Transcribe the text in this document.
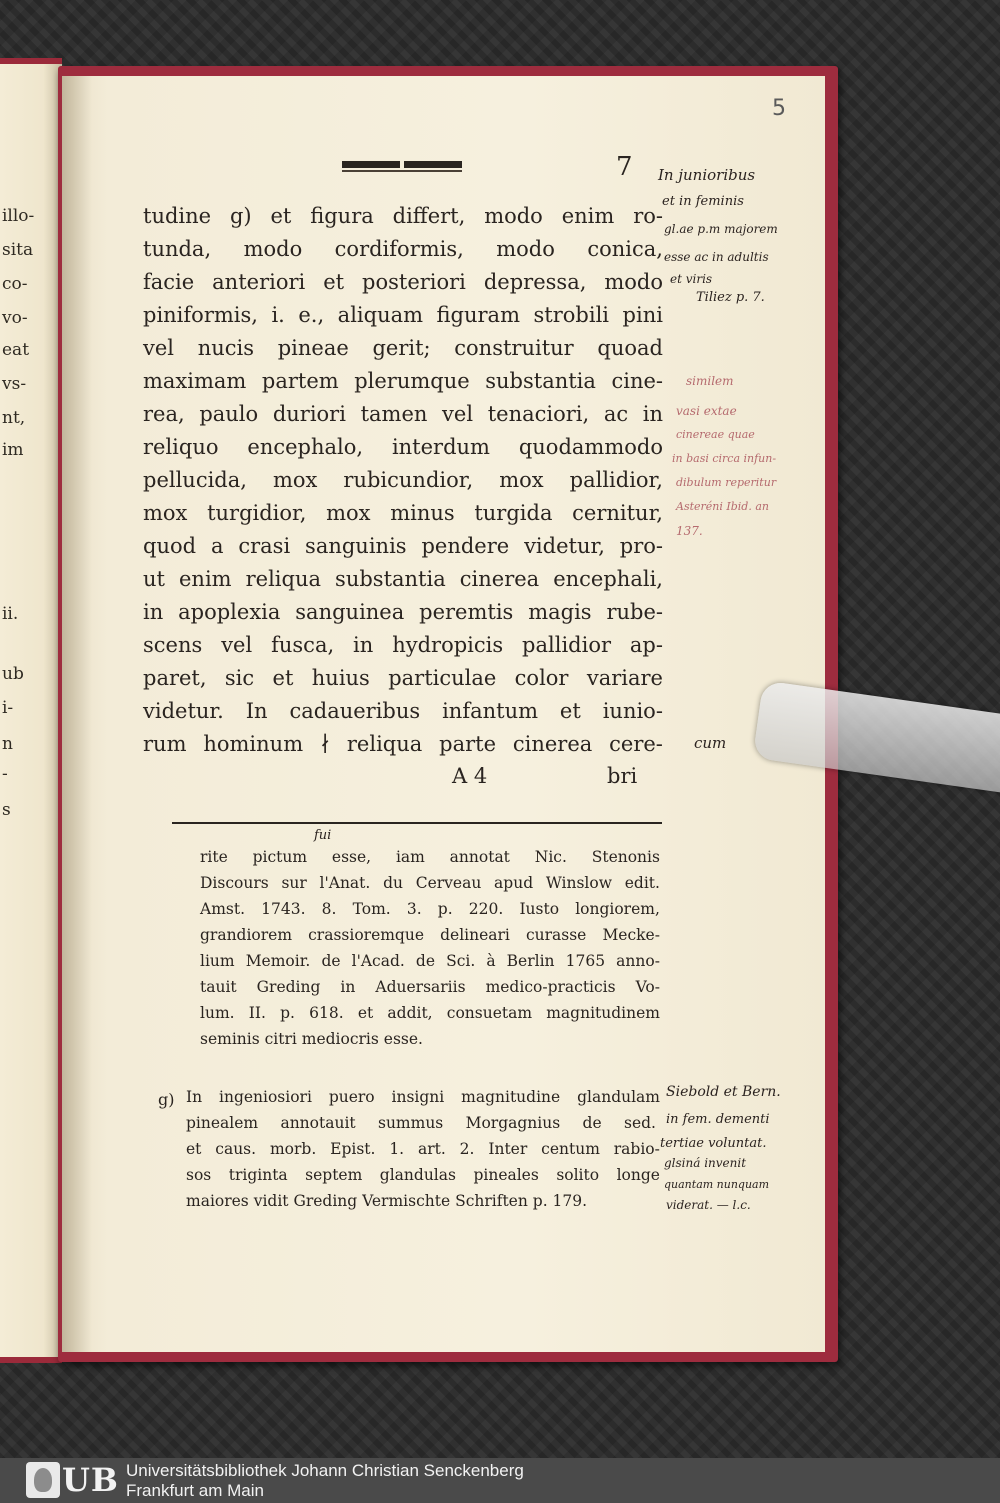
illo-
sita
co-
vo-
eat
vs-
nt,
im
ii.
ub
i-
n
-
s
5
7
tudine g) et figura differt, modo enim ro-
tunda, modo cordiformis, modo conica,
facie anteriori et posteriori depressa, modo
piniformis, i. e., aliquam figuram strobili pini
vel nucis pineae gerit; construitur quoad
maximam partem plerumque substantia cine-
rea, paulo duriori tamen vel tenaciori, ac in
reliquo encephalo, interdum quodammodo
pellucida, mox rubicundior, mox pallidior,
mox turgidior, mox minus turgida cernitur,
quod a crasi sanguinis pendere videtur, pro-
ut enim reliqua substantia cinerea encephali,
in apoplexia sanguinea peremtis magis rube-
scens vel fusca, in hydropicis pallidior ap-
paret, sic et huius particulae color variare
videtur. In cadaueribus infantum et iunio-
rum hominum ∤ reliqua parte cinerea cere-
A 4	bri
fui
rite pictum esse, iam annotat Nic. Stenonis
Discours sur l'Anat. du Cerveau apud Winslow edit.
Amst. 1743. 8. Tom. 3. p. 220. Iusto longiorem,
grandiorem crassioremque delineari curasse Mecke-
lium Memoir. de l'Acad. de Sci. à Berlin 1765 anno-
tauit Greding in Aduersariis medico-practicis Vo-
lum. II. p. 618. et addit, consuetam magnitudinem
seminis citri mediocris esse.
g) In ingeniosiori puero insigni magnitudine glandulam
pinealem annotauit summus Morgagnius de sed.
et caus. morb. Epist. 1. art. 2. Inter centum rabio-
sos triginta septem glandulas pineales solito longe
maiores vidit Greding Vermischte Schriften p. 179.
In junioribus
et in feminis
gl.ae p.m majorem
esse ac in adultis
et viris
Tiliez p. 7.
similem
vasi extae
cinereae quae
in basi circa infun-
dibulum reperitur
Asteréni Ibid. an
137.
cum
Siebold et Bern.
in fem. dementi
tertiae voluntat.
glsiná invenit
quantam nunquam
viderat. — l.c.
UB Universitätsbibliothek Johann Christian Senckenberg
Frankfurt am Main
